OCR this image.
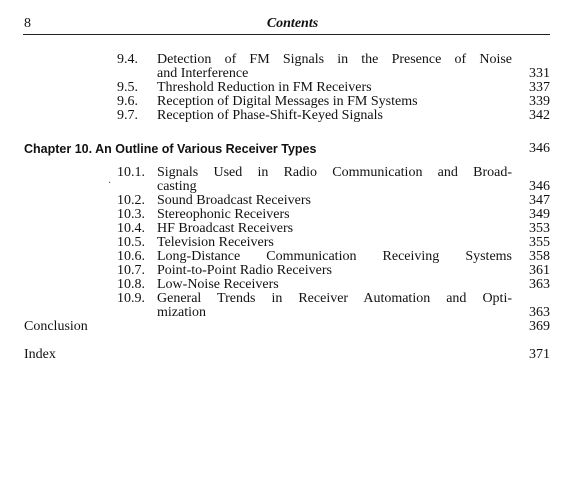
8	Contents
9.4. Detection of FM Signals in the Presence of Noise
and Interference	331
9.5. Threshold Reduction in FM Receivers	337
9.6. Reception of Digital Messages in FM Systems	339
9.7. Reception of Phase-Shift-Keyed Signals	342
Chapter 10. An Outline of Various Receiver Types	346
·
10.1. Signals Used in Radio Communication and Broad-
casting	346
10.2. Sound Broadcast Receivers	347
10.3. Stereophonic Receivers	349
10.4. HF Broadcast Receivers	353
10.5. Television Receivers	355
10.6. Long-Distance Communication Receiving Systems 358
10.7. Point-to-Point Radio Receivers	361
10.8. Low-Noise Receivers	363
10.9. General Trends in Receiver Automation and Opti-
mization	363
Conclusion	369
Index	371
